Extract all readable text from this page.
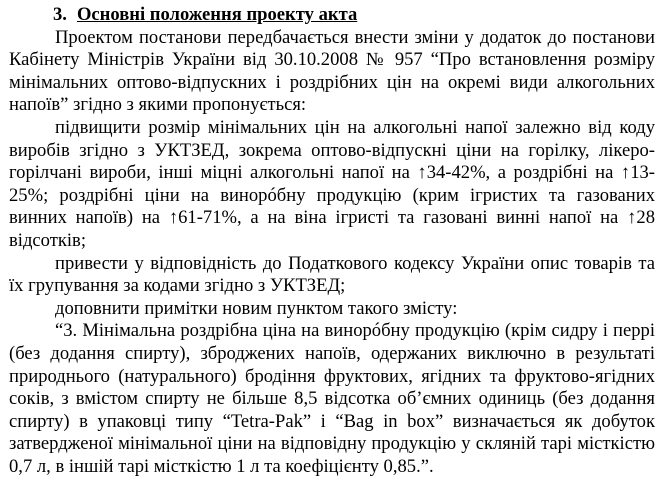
3. Основні положення проекту акта

Проектом постанови передбачається внести зміни у додаток до постанови Кабінету Міністрів України від 30.10.2008 № 957 “Про встановлення розміру мінімальних оптово-відпускних і роздрібних цін на окремі види алкогольних напоїв” згідно з якими пропонується:

підвищити розмір мінімальних цін на алкогольні напої залежно від коду виробів згідно з УКТЗЕД, зокрема оптово-відпускні ціни на горілку, лікеро-горілчані вироби, інші міцні алкогольні напої на ↑34-42%, а роздрібні на ↑13-25%; роздрібні ціни на винорóбну продукцію (крим ігристих та газованих винних напоїв) на ↑61-71%, а на віна ігристі та газовані винні напої на ↑28 відсотків;

привести у відповідність до Податкового кодексу України опис товарів та їх групування за кодами згідно з УКТЗЕД;

доповнити примітки новим пунктом такого змісту:

“3. Мінімальна роздрібна ціна на винорóбну продукцію (крім сидру і перрі (без додання спирту), зброджених напоїв, одержаних виключно в результаті природнього (натурального) бродіння фруктових, ягідних та фруктово-ягідних соків, з вмістом спирту не більше 8,5 відсотка об’ємних одиниць (без додання спирту) в упаковці типу “Tetra-Pak” і “Bag in box” визначається як добуток затвердженої мінімальної ціни на відповідну продукцію у скляній тарі місткістю 0,7 л, в іншій тарі місткістю 1 л та коефіцієнту 0,85.”.
